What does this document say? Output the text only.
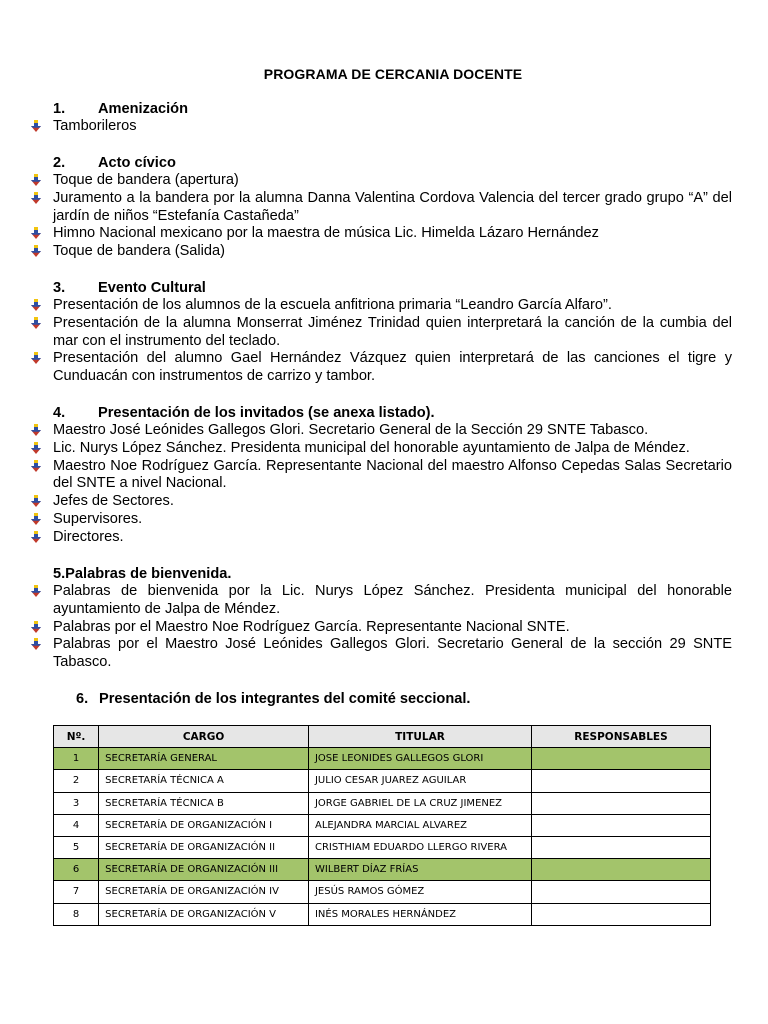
PROGRAMA DE CERCANIA DOCENTE
1. Amenización
Tamborileros
2. Acto cívico
Toque de bandera (apertura)
Juramento a la bandera por la alumna Danna Valentina Cordova Valencia del tercer grado grupo “A” del jardín de niños “Estefanía Castañeda”
Himno Nacional mexicano por la maestra de música Lic. Himelda Lázaro Hernández
Toque de bandera (Salida)
3. Evento Cultural
Presentación de los alumnos de la escuela anfitriona primaria “Leandro García Alfaro”.
Presentación de la alumna Monserrat Jiménez Trinidad quien interpretará la canción de la cumbia del mar con el instrumento del teclado.
Presentación del alumno Gael Hernández Vázquez quien interpretará de las canciones el tigre y Cunduacán con instrumentos de carrizo y tambor.
4. Presentación de los invitados (se anexa listado).
Maestro José Leónides Gallegos Glori. Secretario General de la Sección 29 SNTE Tabasco.
Lic. Nurys López Sánchez. Presidenta municipal del honorable ayuntamiento de Jalpa de Méndez.
Maestro Noe Rodríguez García. Representante Nacional del maestro Alfonso Cepedas Salas Secretario del SNTE a nivel Nacional.
Jefes de Sectores.
Supervisores.
Directores.
5.Palabras de bienvenida.
Palabras de bienvenida por la Lic. Nurys López Sánchez. Presidenta municipal del honorable ayuntamiento de Jalpa de Méndez.
Palabras por el Maestro Noe Rodríguez García. Representante Nacional SNTE.
Palabras por el Maestro José Leónides Gallegos Glori. Secretario General de la sección 29 SNTE Tabasco.
6. Presentación de los integrantes del comité seccional.
Nº.	CARGO	TITULAR	RESPONSABLES
1	SECRETARÍA GENERAL	JOSE LEONIDES GALLEGOS GLORI	
2	SECRETARÍA TÉCNICA A	JULIO CESAR JUAREZ AGUILAR	
3	SECRETARÍA TÉCNICA B	JORGE GABRIEL DE LA CRUZ JIMENEZ	
4	SECRETARÍA DE ORGANIZACIÓN I	ALEJANDRA MARCIAL ALVAREZ	
5	SECRETARÍA DE ORGANIZACIÓN II	CRISTHIAM EDUARDO LLERGO RIVERA	
6	SECRETARÍA DE ORGANIZACIÓN III	WILBERT DÍAZ FRÍAS	
7	SECRETARÍA DE ORGANIZACIÓN IV	JESÚS RAMOS GÓMEZ	
8	SECRETARÍA DE ORGANIZACIÓN V	INÉS MORALES HERNÁNDEZ	
